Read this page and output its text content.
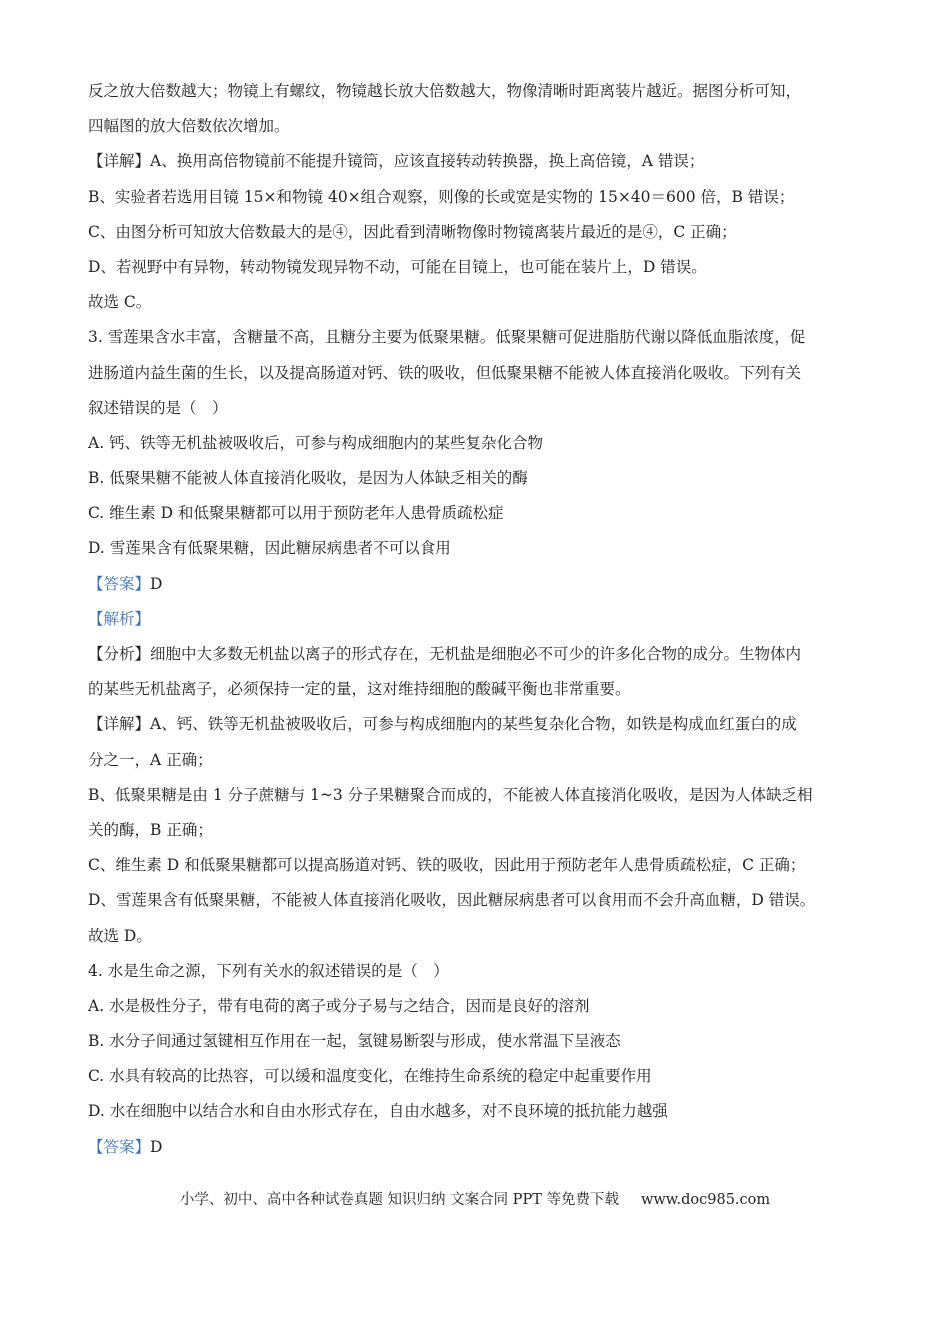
反之放大倍数越大；物镜上有螺纹，物镜越长放大倍数越大，物像清晰时距离装片越近。据图分析可知，
四幅图的放大倍数依次增加。
【详解】A、换用高倍物镜前不能提升镜筒，应该直接转动转换器，换上高倍镜，A 错误；
B、实验者若选用目镜 15×和物镜 40×组合观察，则像的长或宽是实物的 15×40＝600 倍，B 错误；
C、由图分析可知放大倍数最大的是④，因此看到清晰物像时物镜离装片最近的是④，C 正确；
D、若视野中有异物，转动物镜发现异物不动，可能在目镜上，也可能在装片上，D 错误。
故选 C。
3. 雪莲果含水丰富，含糖量不高，且糖分主要为低聚果糖。低聚果糖可促进脂肪代谢以降低血脂浓度，促
进肠道内益生菌的生长，以及提高肠道对钙、铁的吸收，但低聚果糖不能被人体直接消化吸收。下列有关
叙述错误的是（　）
A. 钙、铁等无机盐被吸收后，可参与构成细胞内的某些复杂化合物
B. 低聚果糖不能被人体直接消化吸收，是因为人体缺乏相关的酶
C. 维生素 D 和低聚果糖都可以用于预防老年人患骨质疏松症
D. 雪莲果含有低聚果糖，因此糖尿病患者不可以食用
【答案】D
【解析】
【分析】细胞中大多数无机盐以离子的形式存在，无机盐是细胞必不可少的许多化合物的成分。生物体内
的某些无机盐离子，必须保持一定的量，这对维持细胞的酸碱平衡也非常重要。
【详解】A、钙、铁等无机盐被吸收后，可参与构成细胞内的某些复杂化合物，如铁是构成血红蛋白的成
分之一，A 正确；
B、低聚果糖是由 1 分子蔗糖与 1~3 分子果糖聚合而成的，不能被人体直接消化吸收，是因为人体缺乏相
关的酶，B 正确；
C、维生素 D 和低聚果糖都可以提高肠道对钙、铁的吸收，因此用于预防老年人患骨质疏松症，C 正确；
D、雪莲果含有低聚果糖，不能被人体直接消化吸收，因此糖尿病患者可以食用而不会升高血糖，D 错误。
故选 D。
4. 水是生命之源，下列有关水的叙述错误的是（　）
A. 水是极性分子，带有电荷的离子或分子易与之结合，因而是良好的溶剂
B. 水分子间通过氢键相互作用在一起，氢键易断裂与形成，使水常温下呈液态
C. 水具有较高的比热容，可以缓和温度变化，在维持生命系统的稳定中起重要作用
D. 水在细胞中以结合水和自由水形式存在，自由水越多，对不良环境的抵抗能力越强
【答案】D
小学、初中、高中各种试卷真题 知识归纳 文案合同 PPT 等免费下载 www.doc985.com
